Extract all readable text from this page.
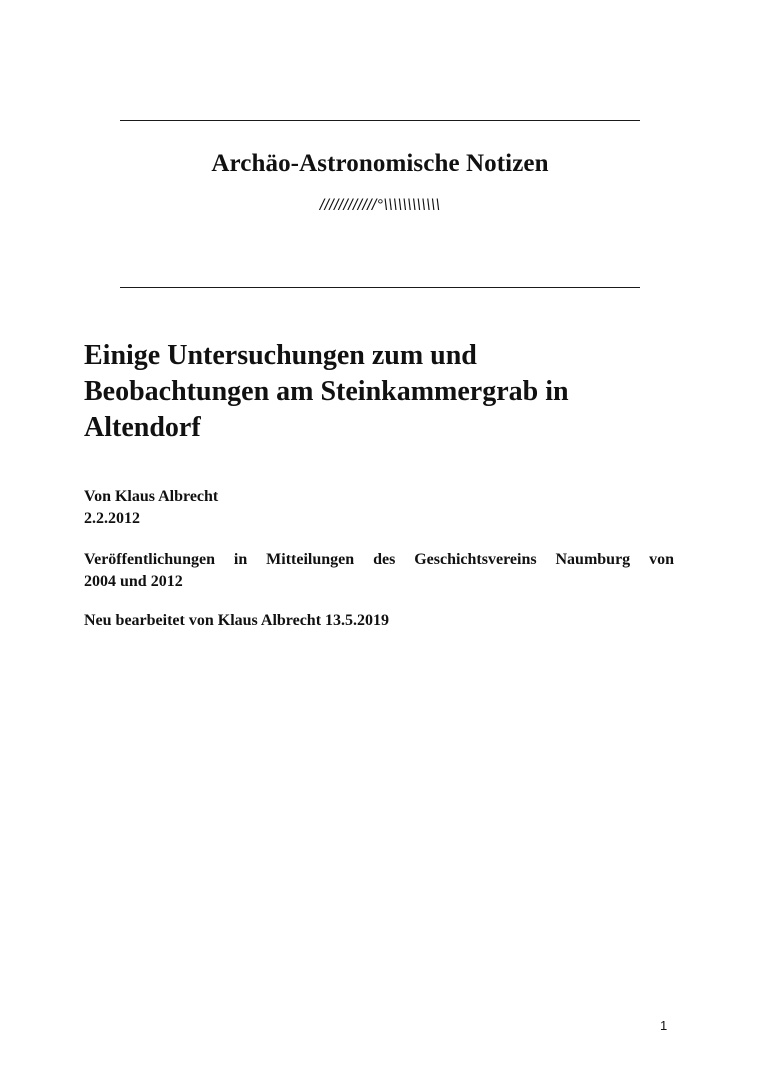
Archäo-Astronomische Notizen
////////////°\\\\\\\\\\\\
Einige Untersuchungen zum und
Beobachtungen am Steinkammergrab in
Altendorf
Von Klaus Albrecht
2.2.2012
Veröffentlichungen in Mitteilungen des Geschichtsvereins Naumburg von
2004 und 2012
Neu bearbeitet von Klaus Albrecht 13.5.2019
1
